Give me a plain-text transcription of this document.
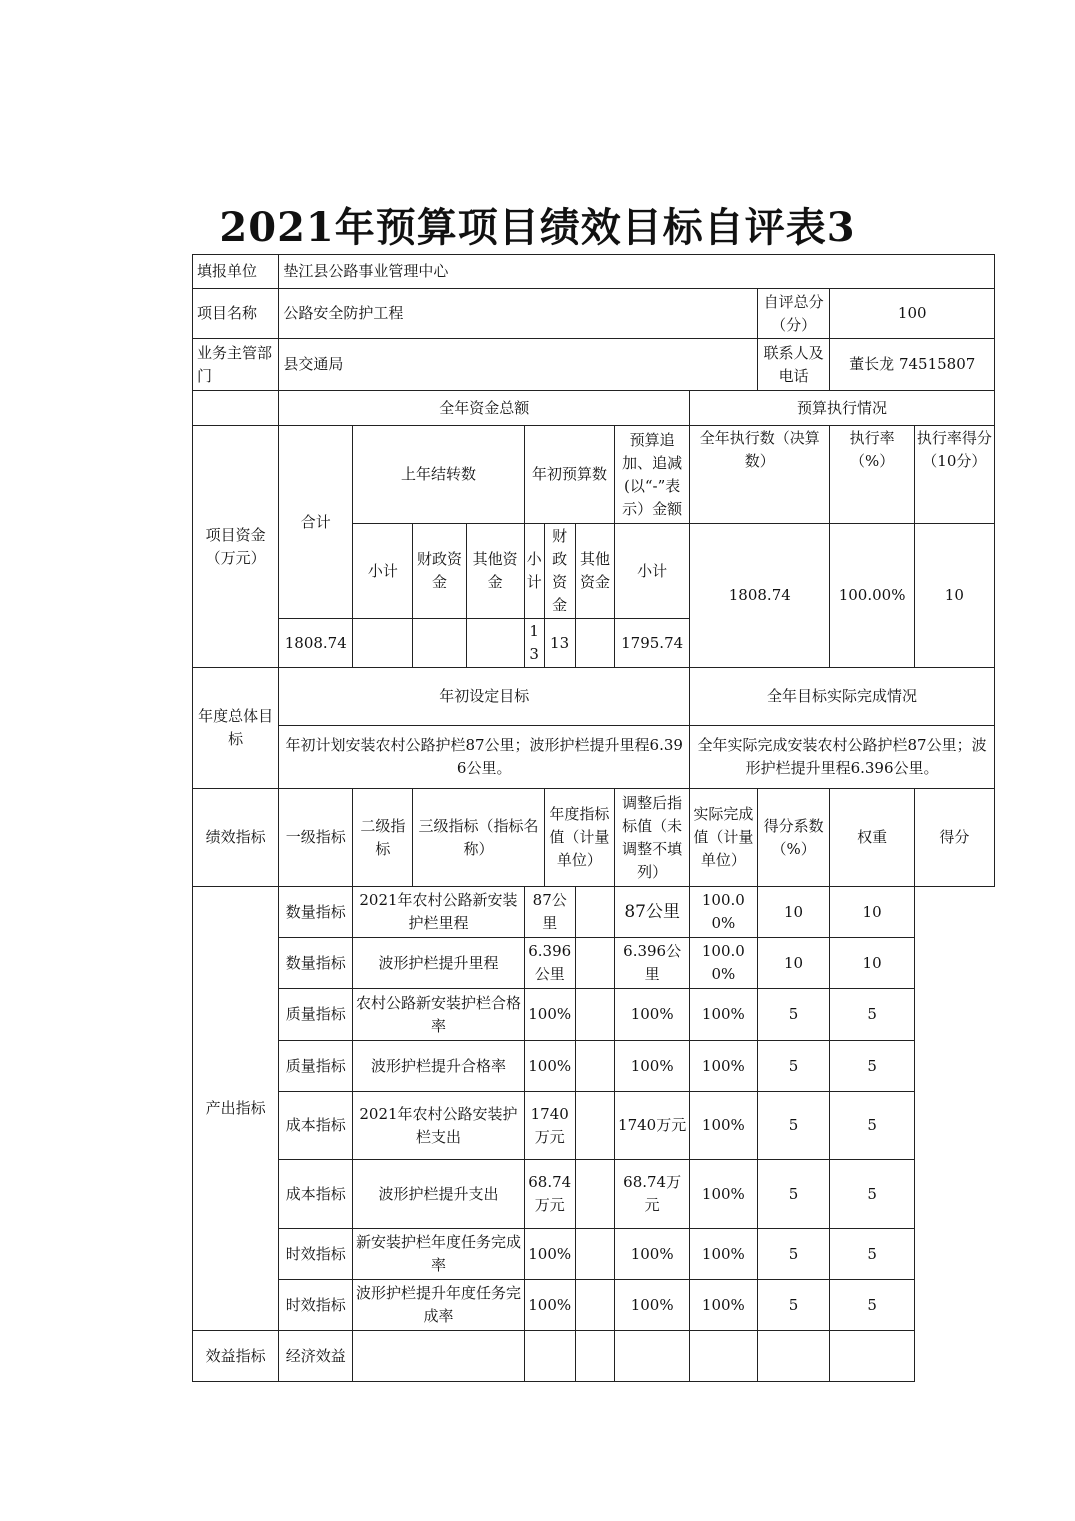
2021年预算项目绩效目标自评表3
填报单位	垫江县公路事业管理中心											
项目名称	公路安全防护工程									自评总分（分）	100	
业务主管部门	县交通局									联系人及电话	董长龙 74515807	
	全年资金总额								预算执行情况			
项目资金（万元）	合计	上年结转数			年初预算数			预算追加、追减(以“-”表示）金额	全年执行数（决算数）		执行率（%）	执行率得分（10分）
		小计	财政资金	其他资金	小计	财政资金	其他资金	小计	1808.74		100.00%	10
	1808.74				13	13		1795.74				
年度总体目标	年初设定目标								全年目标实际完成情况			
	年初计划安装农村公路护栏87公里；波形护栏提升里程6.396公里。								全年实际完成安装农村公路护栏87公里；波形护栏提升里程6.396公里。			
绩效指标	一级指标	二级指标	三级指标（指标名称）			年度指标值（计量单位）		调整后指标值（未调整不填列）	实际完成值（计量单位）	得分系数（%）	权重	得分
产出指标	数量指标	2021年农村公路新安装护栏里程			87公里			87公里	100.00%	10	10	
	数量指标	波形护栏提升里程			6.396公里			6.396公里	100.00%	10	10	
	质量指标	农村公路新安装护栏合格率			100%			100%	100%	5	5	
	质量指标	波形护栏提升合格率			100%			100%	100%	5	5	
	成本指标	2021年农村公路安装护栏支出			1740万元			1740万元	100%	5	5	
	成本指标	波形护栏提升支出			68.74万元			68.74万元	100%	5	5	
	时效指标	新安装护栏年度任务完成率			100%			100%	100%	5	5	
	时效指标	波形护栏提升年度任务完成率			100%			100%	100%	5	5	
效益指标	经济效益											
